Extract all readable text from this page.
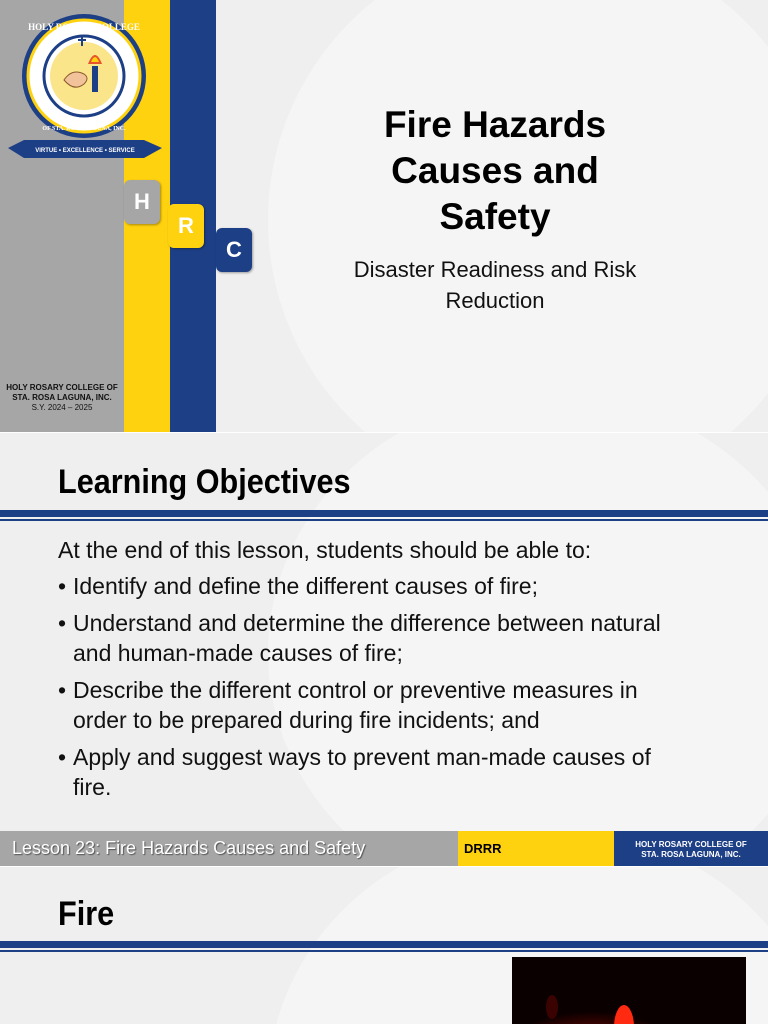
HOLY ROSARY COLLEGE
OF STA. ROSA LAGUNA, INC.
VIRTUE • EXCELLENCE • SERVICE
H
R
C
HOLY ROSARY COLLEGE OF
STA. ROSA LAGUNA, INC.
S.Y. 2024 – 2025
Fire Hazards
Causes and
Safety
Disaster Readiness and Risk
Reduction
Learning Objectives
At the end of this lesson, students should be able to:
• Identify and define the different causes of fire;
• Understand and determine the difference between natural
and human-made causes of fire;
• Describe the different control or preventive measures in
order to be prepared during fire incidents; and
• Apply and suggest ways to prevent man-made causes of
fire.
Lesson 23: Fire Hazards Causes and Safety	DRRR	HOLY ROSARY COLLEGE OF
STA. ROSA LAGUNA, INC.
Fire
